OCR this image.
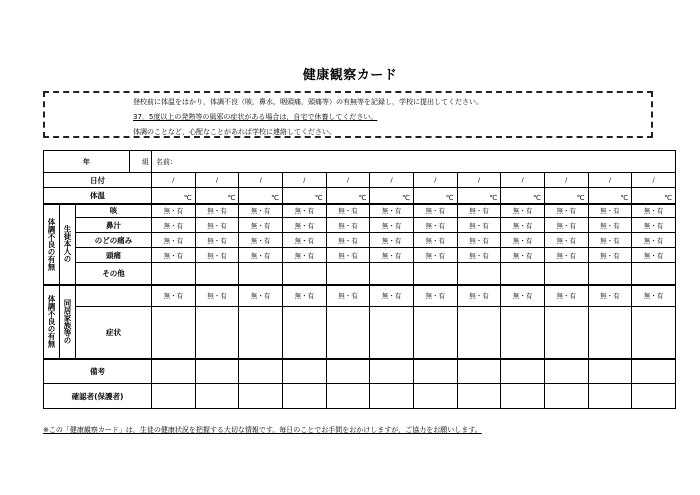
健康観察カード
登校前に体温をはかり，体調不良（咳，鼻水，咽頭痛，頭痛等）の有無等を記録し，学校に提出してください。
37．5度以上の発熱等の風邪の症状がある場合は，自宅で休養してください。
体調のことなど，心配なことがあれば学校に連絡してください。
年			組	名前：											
日付				/	/	/	/	/	/	/	/	/	/	/	/
体温				℃	℃	℃	℃	℃	℃	℃	℃	℃	℃	℃	℃

体調不良の有無	生徒本人の	咳		無・有	無・有	無・有	無・有	無・有	無・有	無・有	無・有	無・有	無・有	無・有	無・有
		鼻汁		無・有	無・有	無・有	無・有	無・有	無・有	無・有	無・有	無・有	無・有	無・有	無・有
		のどの痛み		無・有	無・有	無・有	無・有	無・有	無・有	無・有	無・有	無・有	無・有	無・有	無・有
		頭痛		無・有	無・有	無・有	無・有	無・有	無・有	無・有	無・有	無・有	無・有	無・有	無・有
		その他													

体調不良の有無	同居家族等の			無・有	無・有	無・有	無・有	無・有	無・有	無・有	無・有	無・有	無・有	無・有	無・有
		症状													
備考															
確認者(保護者)															
※この「健康観察カード」は，生徒の健康状況を把握する大切な情報です。毎日のことでお手間をおかけしますが，ご協力をお願いします。
